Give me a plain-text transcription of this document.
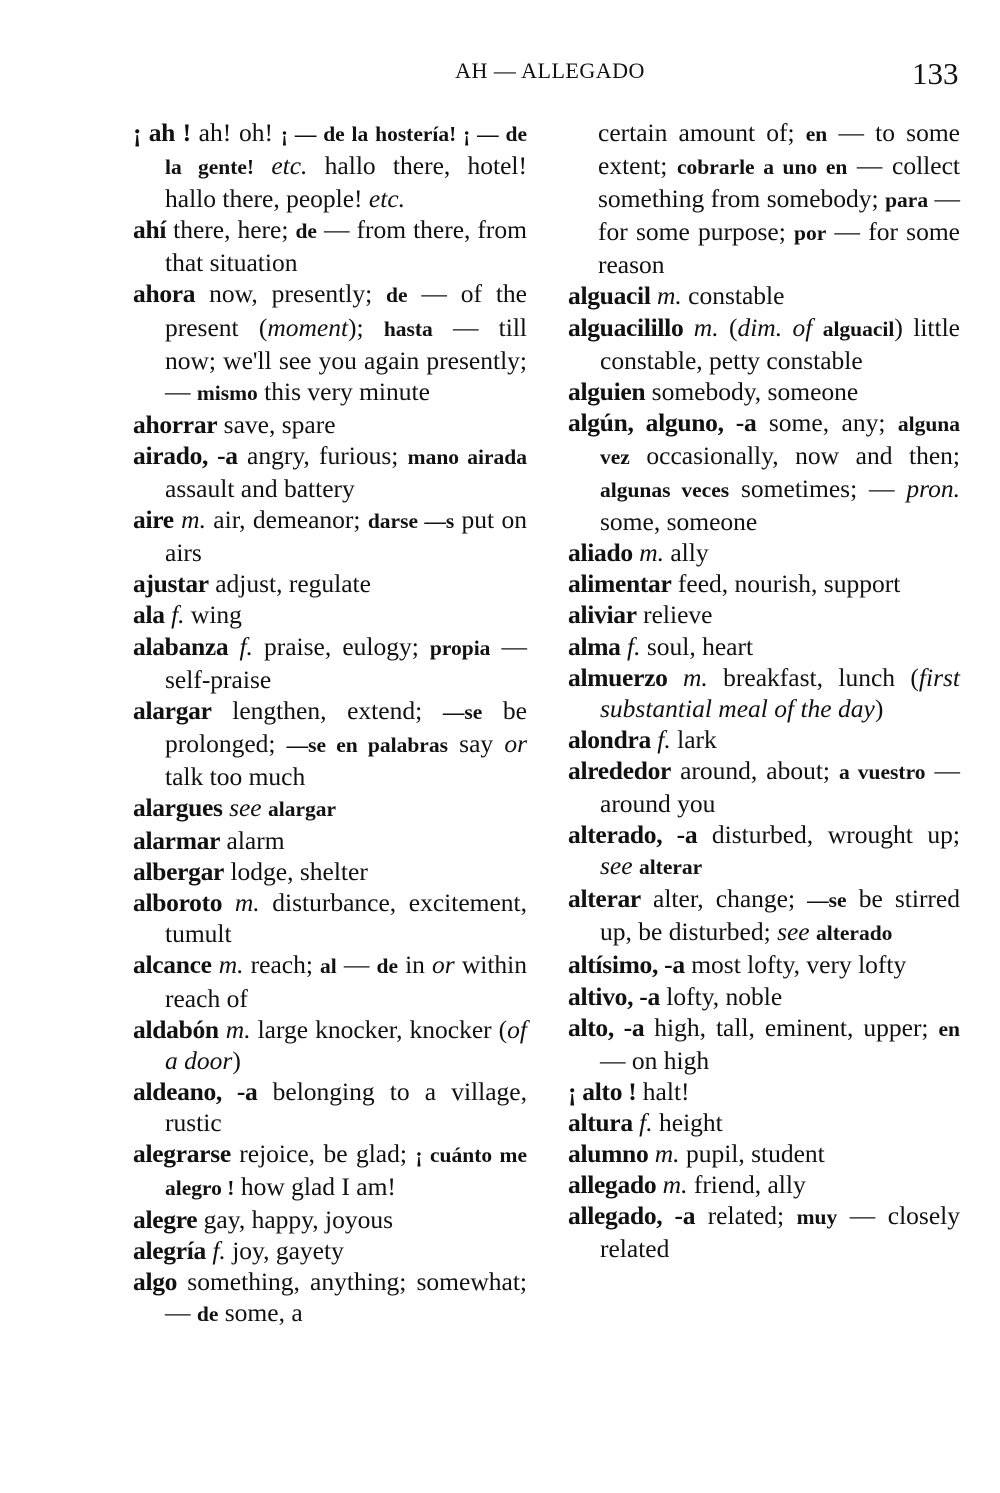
AH — ALLEGADO	133

¡ ah ! ah! oh! ¡ — de la hostería! ¡ — de la gente! etc. hallo there, hotel! hallo there, people! etc.

ahí there, here; de — from there, from that situation

ahora now, presently; de — of the present (moment); hasta — till now; we'll see you again presently; — mismo this very minute

ahorrar save, spare

airado, -a angry, furious; mano airada assault and battery

aire m. air, demeanor; darse —s put on airs

ajustar adjust, regulate

ala f. wing

alabanza f. praise, eulogy; propia — self-praise

alargar lengthen, extend; —se be prolonged; —se en palabras say or talk too much

alargues see alargar

alarmar alarm

albergar lodge, shelter

alboroto m. disturbance, excitement, tumult

alcance m. reach; al — de in or within reach of

aldabón m. large knocker, knocker (of a door)

aldeano, -a belonging to a village, rustic

alegrarse rejoice, be glad; ¡ cuánto me alegro ! how glad I am!

alegre gay, happy, joyous

alegría f. joy, gayety

algo something, anything; somewhat; — de some, a

certain amount of; en — to some extent; cobrarle a uno en — collect something from somebody; para — for some purpose; por — for some reason

alguacil m. constable

alguacilillo m. (dim. of alguacil) little constable, petty constable

alguien somebody, someone

algún, alguno, -a some, any; alguna vez occasionally, now and then; algunas veces sometimes; — pron. some, someone

aliado m. ally

alimentar feed, nourish, support

aliviar relieve

alma f. soul, heart

almuerzo m. breakfast, lunch (first substantial meal of the day)

alondra f. lark

alrededor around, about; a vuestro — around you

alterado, -a disturbed, wrought up; see alterar

alterar alter, change; —se be stirred up, be disturbed; see alterado

altísimo, -a most lofty, very lofty

altivo, -a lofty, noble

alto, -a high, tall, eminent, upper; en — on high

¡ alto ! halt!

altura f. height

alumno m. pupil, student

allegado m. friend, ally

allegado, -a related; muy — closely related
